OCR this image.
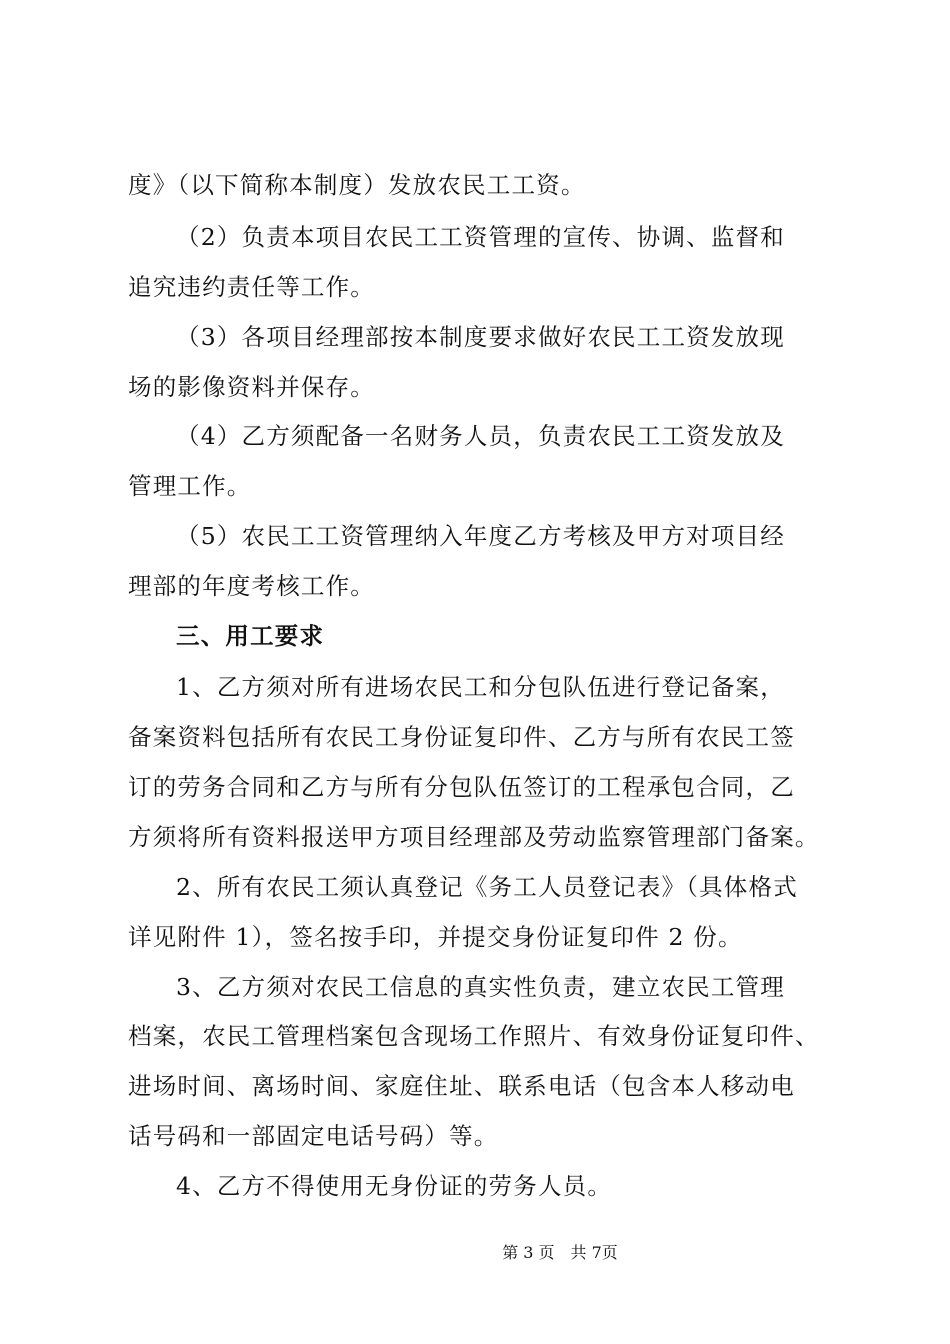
度》（以下简称本制度）发放农民工工资。
（2）负责本项目农民工工资管理的宣传、协调、监督和
追究违约责任等工作。
（3）各项目经理部按本制度要求做好农民工工资发放现
场的影像资料并保存。
（4）乙方须配备一名财务人员，负责农民工工资发放及
管理工作。
（5）农民工工资管理纳入年度乙方考核及甲方对项目经
理部的年度考核工作。
三、用工要求
1、乙方须对所有进场农民工和分包队伍进行登记备案，
备案资料包括所有农民工身份证复印件、乙方与所有农民工签
订的劳务合同和乙方与所有分包队伍签订的工程承包合同，乙
方须将所有资料报送甲方项目经理部及劳动监察管理部门备案。
2、所有农民工须认真登记《务工人员登记表》（具体格式
详见附件 1），签名按手印，并提交身份证复印件 2 份。
3、乙方须对农民工信息的真实性负责，建立农民工管理
档案，农民工管理档案包含现场工作照片、有效身份证复印件、
进场时间、离场时间、家庭住址、联系电话（包含本人移动电
话号码和一部固定电话号码）等。
4、乙方不得使用无身份证的劳务人员。
第 3 页　共 7页
